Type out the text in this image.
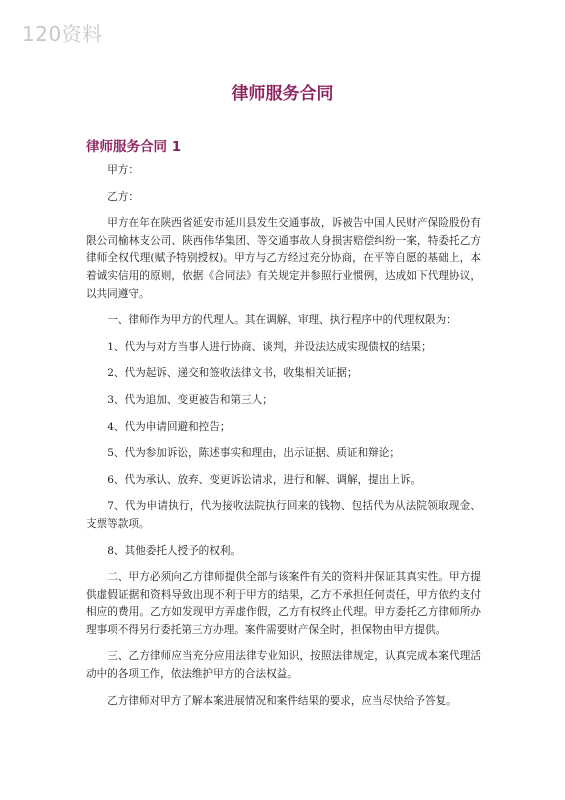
120资料
律师服务合同
律师服务合同 1

甲方：

乙方：

甲方在年在陕西省延安市延川县发生交通事故，诉被告中国人民财产保险股份有限公司榆林支公司、陕西伟华集团、等交通事故人身损害赔偿纠纷一案，特委托乙方律师全权代理(赋予特别授权)。甲方与乙方经过充分协商，在平等自愿的基础上，本着诚实信用的原则，依据《合同法》有关规定并参照行业惯例，达成如下代理协议，以共同遵守。

一、律师作为甲方的代理人。其在调解、审理、执行程序中的代理权限为：

1、代为与对方当事人进行协商、谈判，并设法达成实现债权的结果；

2、代为起诉、递交和签收法律文书，收集相关证据；

3、代为追加、变更被告和第三人；

4、代为申请回避和控告；

5、代为参加诉讼，陈述事实和理由，出示证据、质证和辩论；

6、代为承认、放弃、变更诉讼请求，进行和解、调解，提出上诉。

7、代为申请执行，代为接收法院执行回来的钱物、包括代为从法院领取现金、支票等款项。

8、其他委托人授予的权利。

二、甲方必须向乙方律师提供全部与该案件有关的资料并保证其真实性。甲方提供虚假证据和资料导致出现不利于甲方的结果，乙方不承担任何责任，甲方依约支付相应的费用。乙方如发现甲方弄虚作假，乙方有权终止代理。甲方委托乙方律师所办理事项不得另行委托第三方办理。案件需要财产保全时，担保物由甲方提供。

三、乙方律师应当充分应用法律专业知识，按照法律规定，认真完成本案代理活动中的各项工作，依法维护甲方的合法权益。

乙方律师对甲方了解本案进展情况和案件结果的要求，应当尽快给予答复。
